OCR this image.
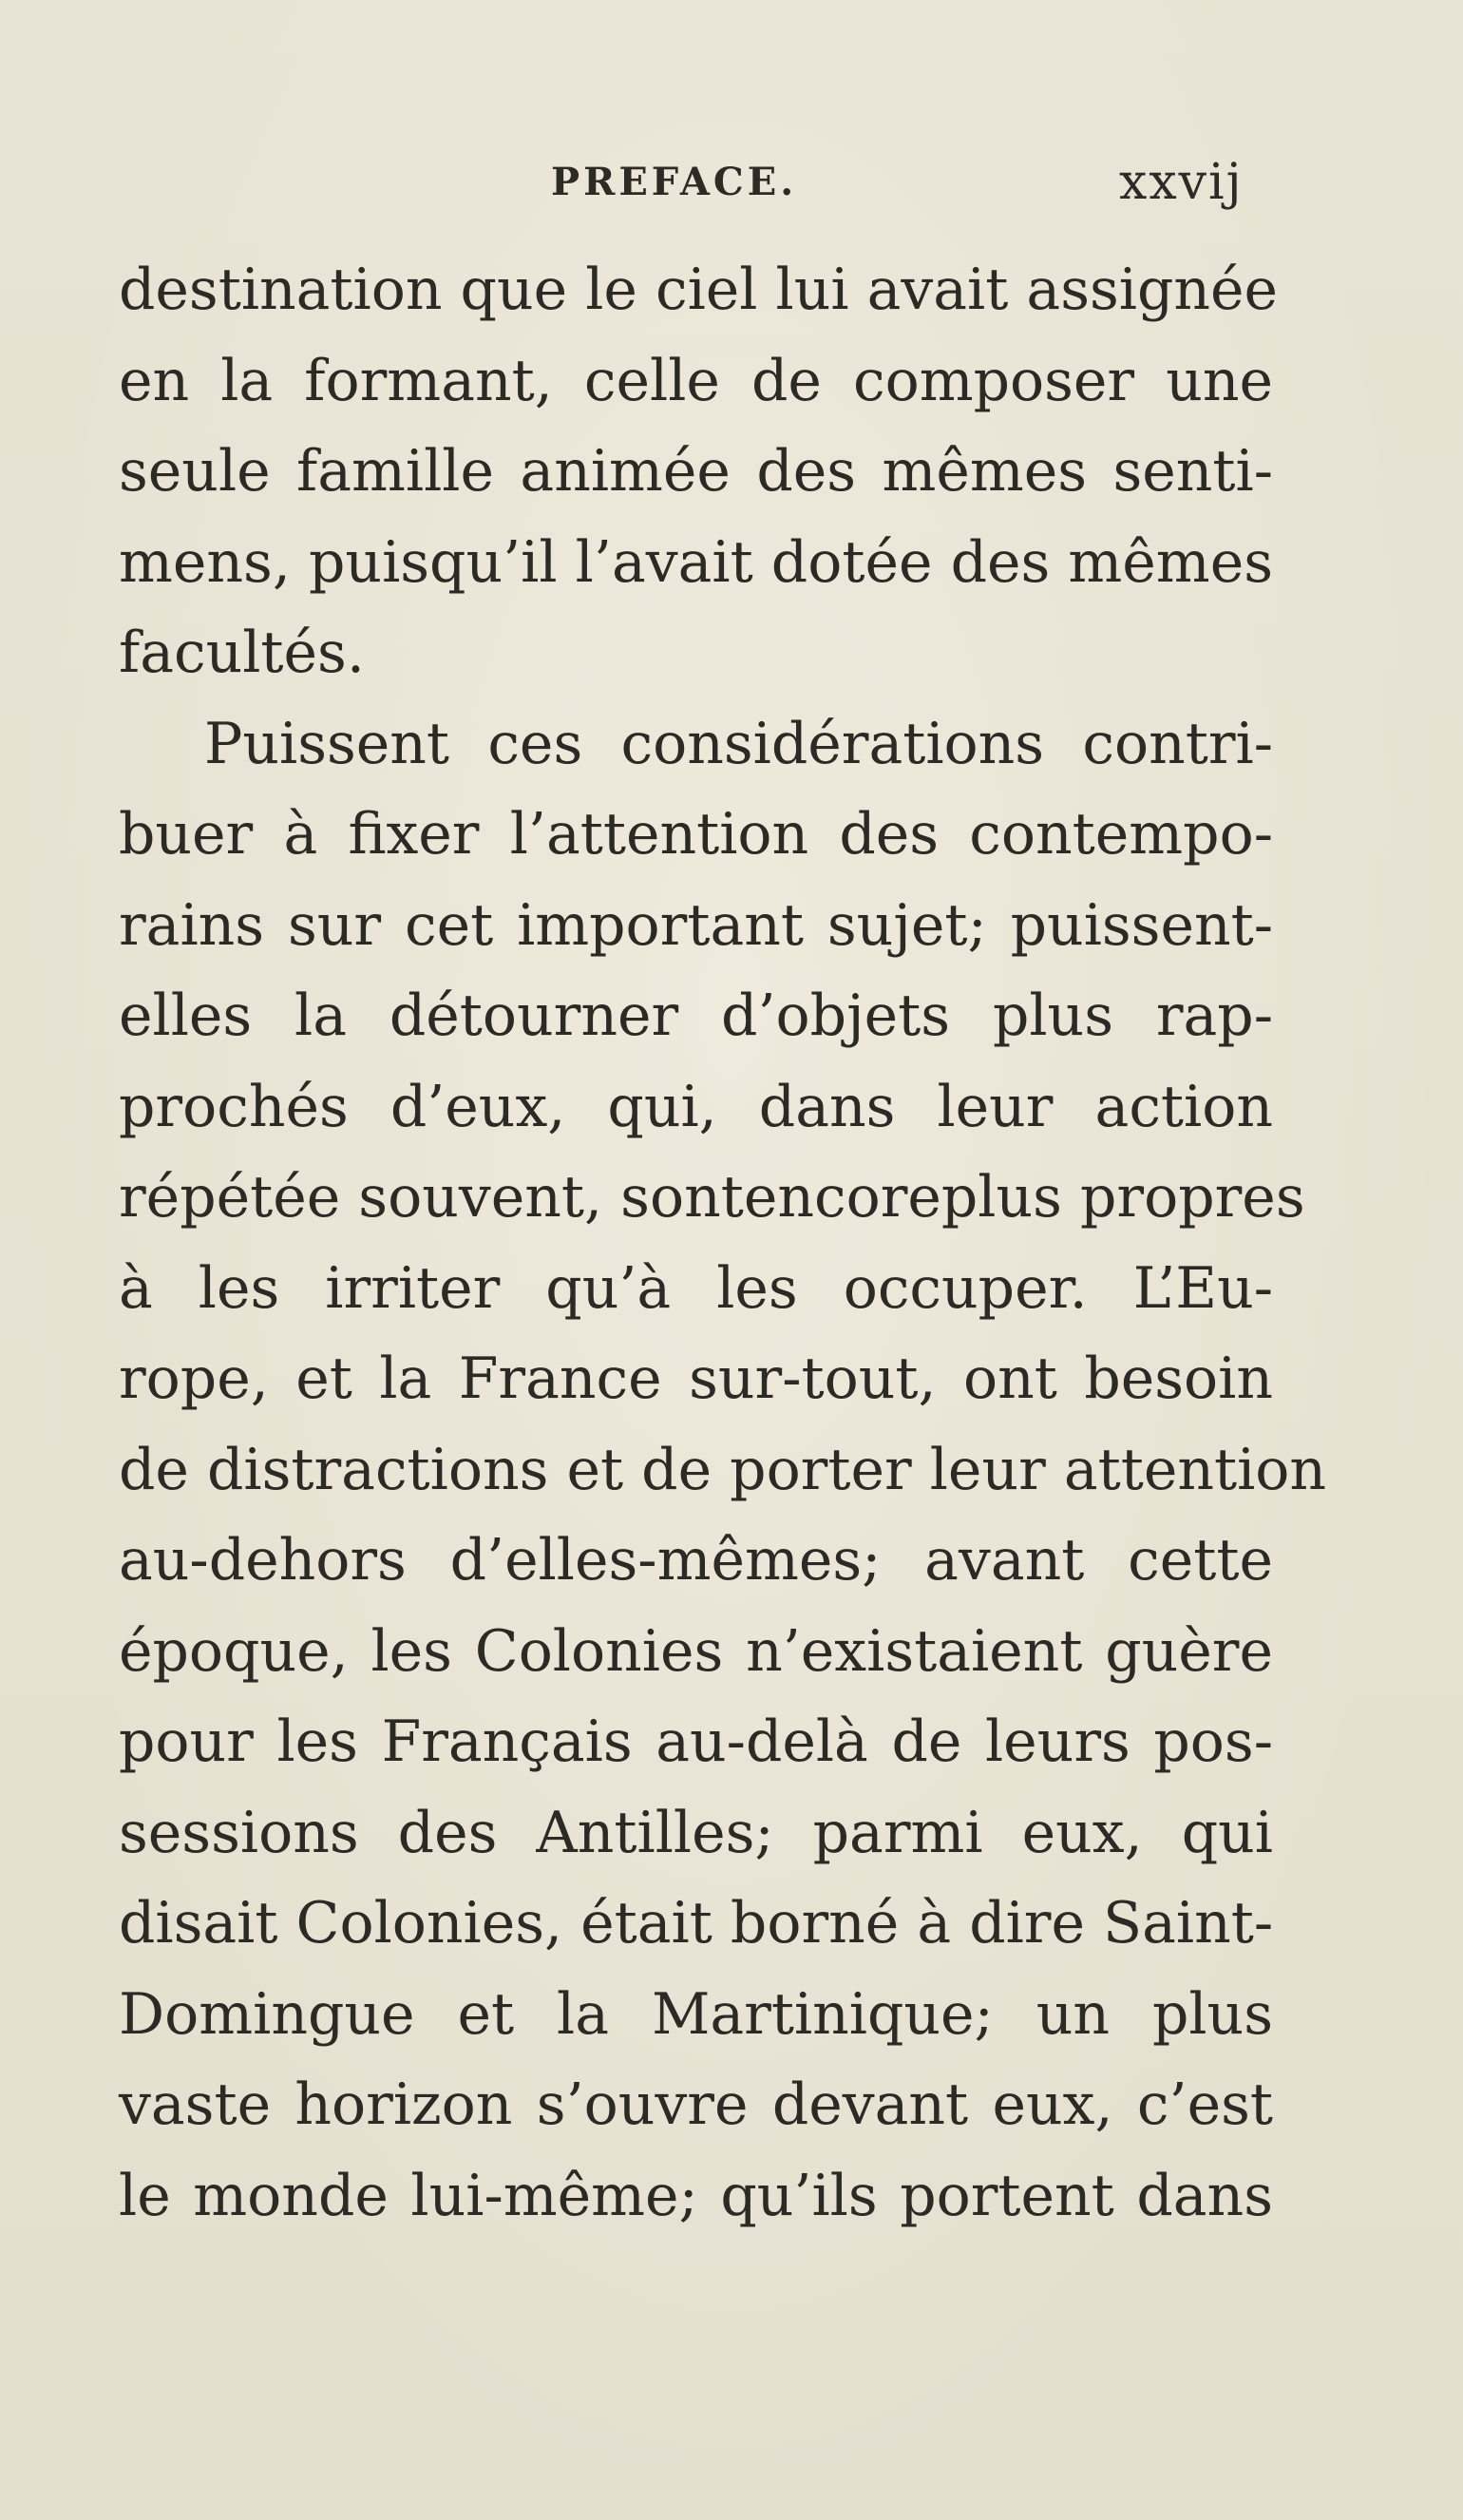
PREFACE.	xxvij
destination que le ciel lui avait assignée
en la formant, celle de composer une
seule famille animée des mêmes senti-
mens, puisqu’il l’avait dotée des mêmes
facultés.
Puissent ces considérations contri-
buer à fixer l’attention des contempo-
rains sur cet important sujet; puissent-
elles la détourner d’objets plus rap-
prochés d’eux, qui, dans leur action
répétée souvent, sontencoreplus propres
à les irriter qu’à les occuper. L’Eu-
rope, et la France sur-tout, ont besoin
de distractions et de porter leur attention
au-dehors d’elles-mêmes; avant cette
époque, les Colonies n’existaient guère
pour les Français au-delà de leurs pos-
sessions des Antilles; parmi eux, qui
disait Colonies, était borné à dire Saint-
Domingue et la Martinique; un plus
vaste horizon s’ouvre devant eux, c’est
le monde lui-même; qu’ils portent dans
